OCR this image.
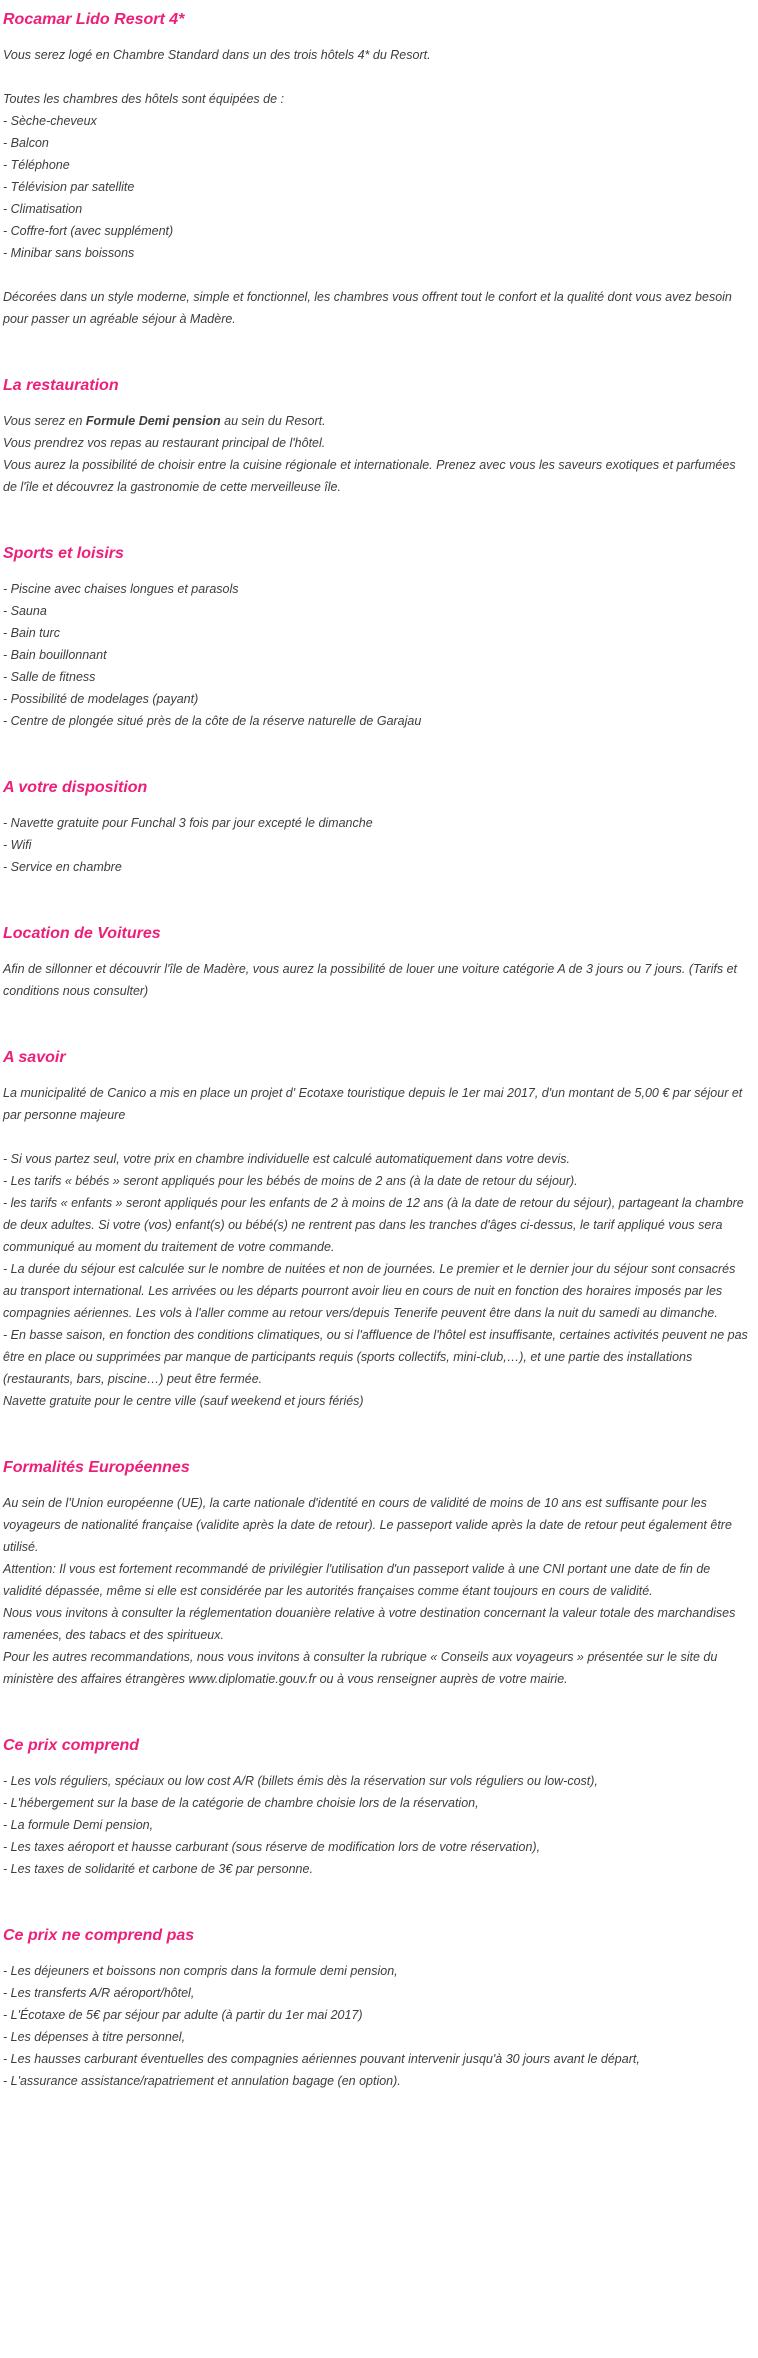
Rocamar Lido Resort 4*
Vous serez logé en Chambre Standard dans un des trois hôtels 4* du Resort.
Toutes les chambres des hôtels sont équipées de :
- Sèche-cheveux
- Balcon
- Téléphone
- Télévision par satellite
- Climatisation
- Coffre-fort (avec supplément)
- Minibar sans boissons
Décorées dans un style moderne, simple et fonctionnel, les chambres vous offrent tout le confort et la qualité dont vous avez besoin pour passer un agréable séjour à Madère.
La restauration
Vous serez en Formule Demi pension au sein du Resort.
Vous prendrez vos repas au restaurant principal de l'hôtel.
Vous aurez la possibilité de choisir entre la cuisine régionale et internationale. Prenez avec vous les saveurs exotiques et parfumées de l'île et découvrez la gastronomie de cette merveilleuse île.
Sports et loisirs
- Piscine avec chaises longues et parasols
- Sauna
- Bain turc
- Bain bouillonnant
- Salle de fitness
- Possibilité de modelages (payant)
- Centre de plongée situé près de la côte de la réserve naturelle de Garajau
A votre disposition
- Navette gratuite pour Funchal 3 fois par jour excepté le dimanche
- Wifi
- Service en chambre
Location de Voitures
Afin de sillonner et découvrir l'île de Madère, vous aurez la possibilité de louer une voiture catégorie A de 3 jours ou 7 jours. (Tarifs et conditions nous consulter)
A savoir
La municipalité de Canico a mis en place un projet d' Ecotaxe touristique depuis le 1er mai 2017, d'un montant de 5,00 € par séjour et par personne majeure
- Si vous partez seul, votre prix en chambre individuelle est calculé automatiquement dans votre devis.
- Les tarifs « bébés » seront appliqués pour les bébés de moins de 2 ans (à la date de retour du séjour).
- les tarifs « enfants » seront appliqués pour les enfants de 2 à moins de 12 ans (à la date de retour du séjour), partageant la chambre de deux adultes. Si votre (vos) enfant(s) ou bébé(s) ne rentrent pas dans les tranches d'âges ci-dessus, le tarif appliqué vous sera communiqué au moment du traitement de votre commande.
- La durée du séjour est calculée sur le nombre de nuitées et non de journées. Le premier et le dernier jour du séjour sont consacrés au transport international. Les arrivées ou les départs pourront avoir lieu en cours de nuit en fonction des horaires imposés par les compagnies aériennes. Les vols à l'aller comme au retour vers/depuis Tenerife peuvent être dans la nuit du samedi au dimanche.
- En basse saison, en fonction des conditions climatiques, ou si l'affluence de l'hôtel est insuffisante, certaines activités peuvent ne pas être en place ou supprimées par manque de participants requis (sports collectifs, mini-club,…), et une partie des installations (restaurants, bars, piscine…) peut être fermée.
Navette gratuite pour le centre ville (sauf weekend et jours fériés)
Formalités Européennes
Au sein de l'Union européenne (UE), la carte nationale d'identité en cours de validité de moins de 10 ans est suffisante pour les voyageurs de nationalité française (validite après la date de retour). Le passeport valide après la date de retour peut également être utilisé.
Attention: Il vous est fortement recommandé de privilégier l'utilisation d'un passeport valide à une CNI portant une date de fin de validité dépassée, même si elle est considérée par les autorités françaises comme étant toujours en cours de validité.
Nous vous invitons à consulter la réglementation douanière relative à votre destination concernant la valeur totale des marchandises ramenées, des tabacs et des spiritueux.
Pour les autres recommandations, nous vous invitons à consulter la rubrique « Conseils aux voyageurs » présentée sur le site du ministère des affaires étrangères www.diplomatie.gouv.fr ou à vous renseigner auprès de votre mairie.
Ce prix comprend
- Les vols réguliers, spéciaux ou low cost A/R (billets émis dès la réservation sur vols réguliers ou low-cost),
- L'hébergement sur la base de la catégorie de chambre choisie lors de la réservation,
- La formule Demi pension,
- Les taxes aéroport et hausse carburant (sous réserve de modification lors de votre réservation),
- Les taxes de solidarité et carbone de 3€ par personne.
Ce prix ne comprend pas
- Les déjeuners et boissons non compris dans la formule demi pension,
- Les transferts A/R aéroport/hôtel,
- L'Écotaxe de 5€ par séjour par adulte (à partir du 1er mai 2017)
- Les dépenses à titre personnel,
- Les hausses carburant éventuelles des compagnies aériennes pouvant intervenir jusqu'à 30 jours avant le départ,
- L'assurance assistance/rapatriement et annulation bagage (en option).
